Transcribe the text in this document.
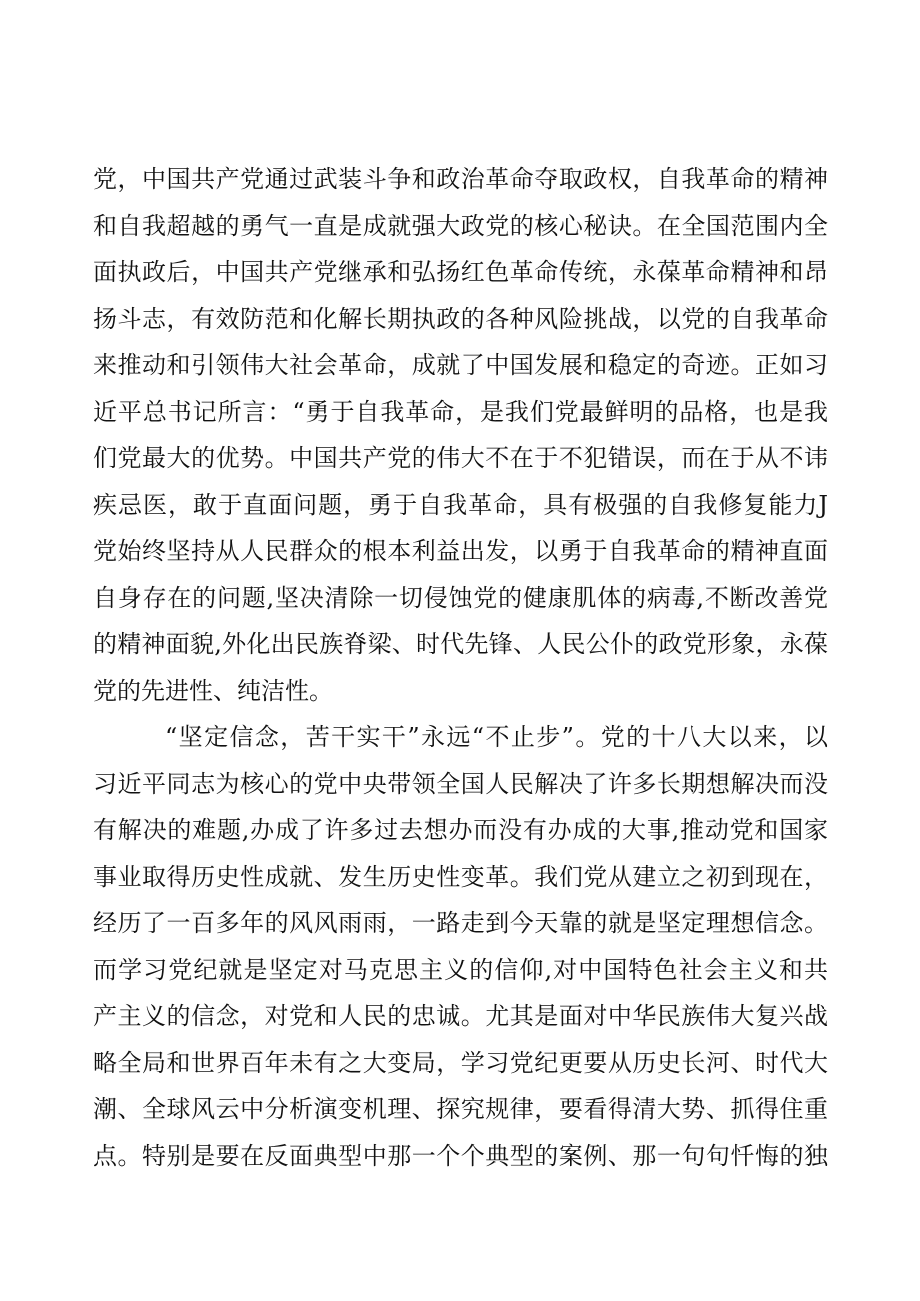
党，中国共产党通过武装斗争和政治革命夺取政权，自我革命的精神
和自我超越的勇气一直是成就强大政党的核心秘诀。在全国范围内全
面执政后，中国共产党继承和弘扬红色革命传统，永葆革命精神和昂
扬斗志，有效防范和化解长期执政的各种风险挑战，以党的自我革命
来推动和引领伟大社会革命，成就了中国发展和稳定的奇迹。正如习
近平总书记所言：“勇于自我革命，是我们党最鲜明的品格，也是我
们党最大的优势。中国共产党的伟大不在于不犯错误，而在于从不讳
疾忌医，敢于直面问题，勇于自我革命，具有极强的自我修复能力J
党始终坚持从人民群众的根本利益出发，以勇于自我革命的精神直面
自身存在的问题,坚决清除一切侵蚀党的健康肌体的病毒,不断改善党
的精神面貌,外化出民族脊梁、时代先锋、人民公仆的政党形象，永葆
党的先进性、纯洁性。
“坚定信念，苦干实干”永远“不止步”。党的十八大以来，以
习近平同志为核心的党中央带领全国人民解决了许多长期想解决而没
有解决的难题,办成了许多过去想办而没有办成的大事,推动党和国家
事业取得历史性成就、发生历史性变革。我们党从建立之初到现在，
经历了一百多年的风风雨雨，一路走到今天靠的就是坚定理想信念。
而学习党纪就是坚定对马克思主义的信仰,对中国特色社会主义和共
产主义的信念，对党和人民的忠诚。尤其是面对中华民族伟大复兴战
略全局和世界百年未有之大变局，学习党纪更要从历史长河、时代大
潮、全球风云中分析演变机理、探究规律，要看得清大势、抓得住重
点。特别是要在反面典型中那一个个典型的案例、那一句句忏悔的独
